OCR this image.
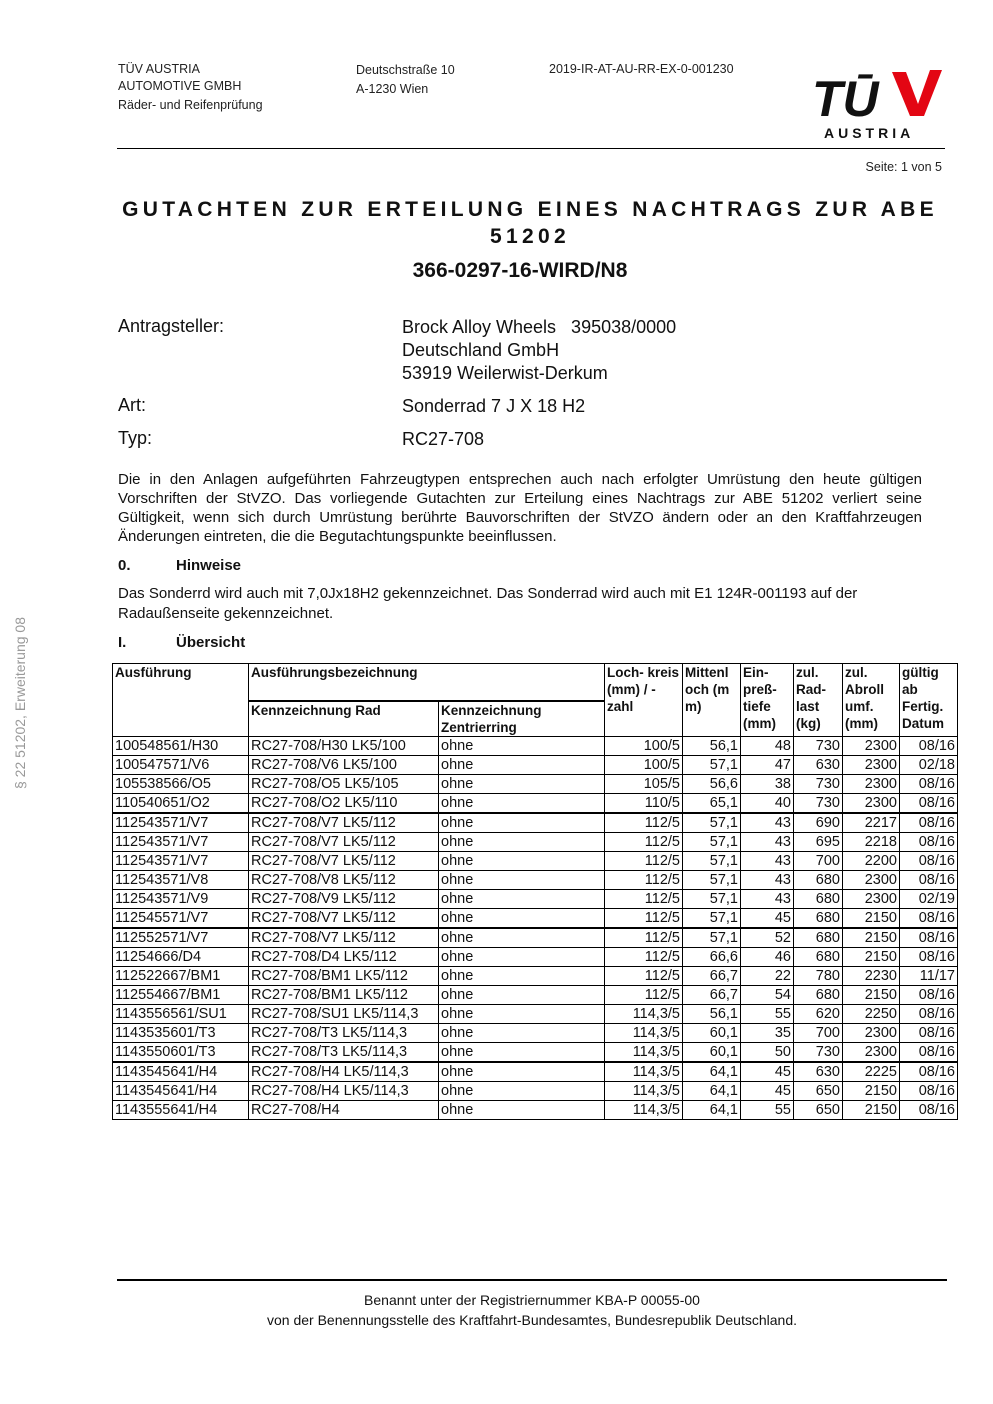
TÜV AUSTRIA
AUTOMOTIVE GMBH
Räder- und Reifenprüfung
Deutschstraße 10
A-1230 Wien
2019-IR-AT-AU-RR-EX-0-001230
TŪ
AUSTRIA
Seite: 1 von 5
§ 22 51202, Erweiterung 08
GUTACHTEN ZUR ERTEILUNG EINES NACHTRAGS ZUR ABE 51202
366-0297-16-WIRD/N8
Antragsteller:	Brock Alloy Wheels   395038/0000
Deutschland GmbH
53919 Weilerwist-Derkum
Art:	Sonderrad 7 J X 18 H2
Typ:	RC27-708
Die in den Anlagen aufgeführten Fahrzeugtypen entsprechen auch nach erfolgter Umrüstung den heute gültigen Vorschriften der StVZO. Das vorliegende Gutachten zur Erteilung eines Nachtrags zur ABE 51202 verliert seine Gültigkeit, wenn sich durch Umrüstung berührte Bauvorschriften der StVZO ändern oder an den Kraftfahrzeugen Änderungen eintreten, die die Begutachtungspunkte beeinflussen.
0.	Hinweise
Das Sonderrd wird auch mit 7,0Jx18H2 gekennzeichnet. Das Sonderrad wird auch mit E1 124R-001193 auf der Radaußenseite gekennzeichnet.
I.	Übersicht
Ausführung	Ausführungsbezeichnung		Loch- kreis (mm) / -zahl	Mittenl och (mm)	Ein- preß- tiefe (mm)	zul. Rad- last (kg)	zul. Abroll umf. (mm)	gültig ab Fertig. Datum
	Kennzeichnung Rad	Kennzeichnung Zentrierring						
100548561/H30	RC27-708/H30 LK5/100	ohne	100/5	56,1	48	730	2300	08/16
100547571/V6	RC27-708/V6 LK5/100	ohne	100/5	57,1	47	630	2300	02/18
105538566/O5	RC27-708/O5 LK5/105	ohne	105/5	56,6	38	730	2300	08/16
110540651/O2	RC27-708/O2 LK5/110	ohne	110/5	65,1	40	730	2300	08/16
112543571/V7	RC27-708/V7 LK5/112	ohne	112/5	57,1	43	690	2217	08/16
112543571/V7	RC27-708/V7 LK5/112	ohne	112/5	57,1	43	695	2218	08/16
112543571/V7	RC27-708/V7 LK5/112	ohne	112/5	57,1	43	700	2200	08/16
112543571/V8	RC27-708/V8 LK5/112	ohne	112/5	57,1	43	680	2300	08/16
112543571/V9	RC27-708/V9 LK5/112	ohne	112/5	57,1	43	680	2300	02/19
112545571/V7	RC27-708/V7 LK5/112	ohne	112/5	57,1	45	680	2150	08/16
112552571/V7	RC27-708/V7 LK5/112	ohne	112/5	57,1	52	680	2150	08/16
11254666/D4	RC27-708/D4 LK5/112	ohne	112/5	66,6	46	680	2150	08/16
112522667/BM1	RC27-708/BM1 LK5/112	ohne	112/5	66,7	22	780	2230	11/17
112554667/BM1	RC27-708/BM1 LK5/112	ohne	112/5	66,7	54	680	2150	08/16
1143556561/SU1	RC27-708/SU1 LK5/114,3	ohne	114,3/5	56,1	55	620	2250	08/16
1143535601/T3	RC27-708/T3 LK5/114,3	ohne	114,3/5	60,1	35	700	2300	08/16
1143550601/T3	RC27-708/T3 LK5/114,3	ohne	114,3/5	60,1	50	730	2300	08/16
1143545641/H4	RC27-708/H4 LK5/114,3	ohne	114,3/5	64,1	45	630	2225	08/16
1143545641/H4	RC27-708/H4 LK5/114,3	ohne	114,3/5	64,1	45	650	2150	08/16
1143555641/H4	RC27-708/H4	ohne	114,3/5	64,1	55	650	2150	08/16
Benannt unter der Registriernummer KBA-P 00055-00
von der Benennungsstelle des Kraftfahrt-Bundesamtes, Bundesrepublik Deutschland.
